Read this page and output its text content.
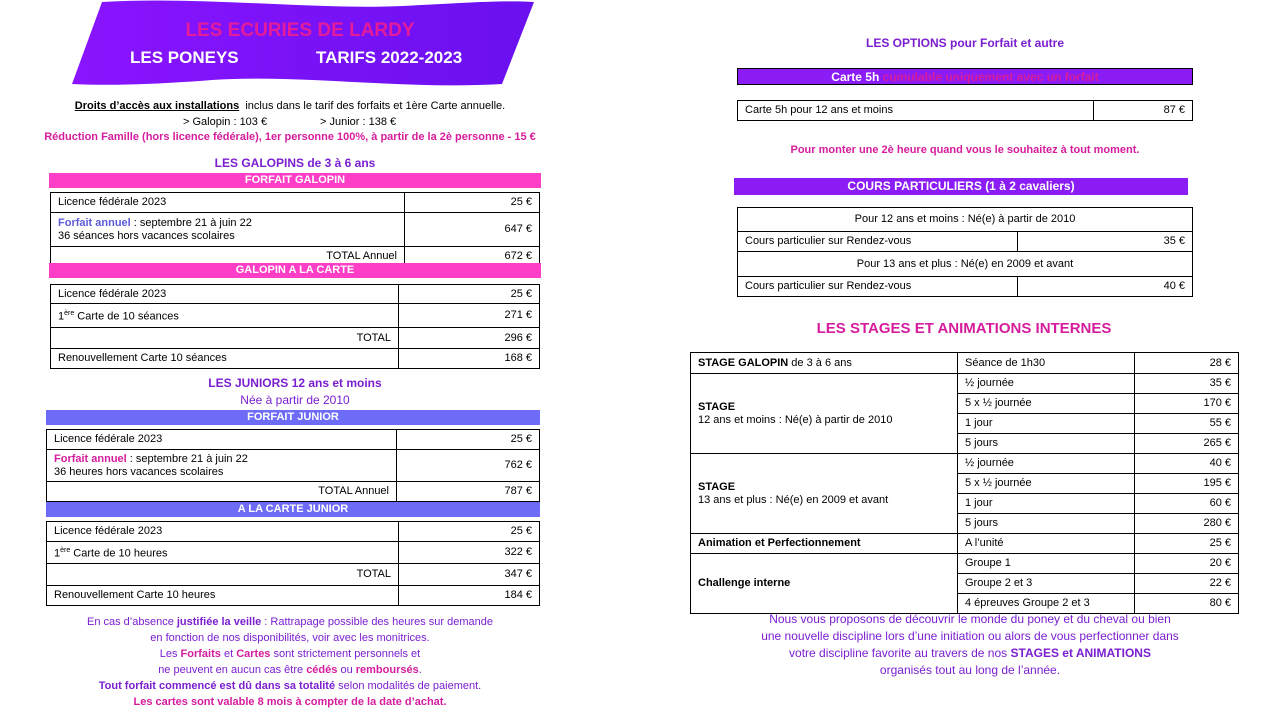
LES ECURIES DE LARDY
LES PONEYS	TARIFS 2022-2023
Droits d’accès aux installations inclus dans le tarif des forfaits et 1ère Carte annuelle.
> Galopin : 103 €	> Junior : 138 €
Réduction Famille (hors licence fédérale), 1er personne 100%, à partir de la 2è personne - 15 €
LES GALOPINS de 3 à 6 ans
FORFAIT GALOPIN
Licence fédérale 2023	25 €
Forfait annuel : septembre 21 à juin 22
36 séances hors vacances scolaires	647 €
TOTAL Annuel	672 €
GALOPIN A LA CARTE
Licence fédérale 2023	25 €
1ère Carte de 10 séances	271 €
TOTAL	296 €
Renouvellement Carte 10 séances	168 €
LES JUNIORS 12 ans et moins
Née à partir de 2010
FORFAIT JUNIOR
Licence fédérale 2023	25 €
Forfait annuel : septembre 21 à juin 22
36 heures hors vacances scolaires	762 €
TOTAL Annuel	787 €
A LA CARTE JUNIOR
Licence fédérale 2023	25 €
1ère Carte de 10 heures	322 €
TOTAL	347 €
Renouvellement Carte 10 heures	184 €
En cas d’absence justifiée la veille : Rattrapage possible des heures sur demande
en fonction de nos disponibilités, voir avec les monitrices.
Les Forfaits et Cartes sont strictement personnels et
ne peuvent en aucun cas être cédés ou remboursés.
Tout forfait commencé est dû dans sa totalité selon modalités de paiement.
Les cartes sont valable 8 mois à compter de la date d’achat.
LES OPTIONS pour Forfait et autre
Carte 5h cumulable uniquement avec un forfait
Carte 5h pour 12 ans et moins	87 €
Pour monter une 2è heure quand vous le souhaitez à tout moment.
COURS PARTICULIERS (1 à 2 cavaliers)
Pour 12 ans et moins : Né(e) à partir de 2010	
Cours particulier sur Rendez-vous	35 €
Pour 13 ans et plus : Né(e) en 2009 et avant	
Cours particulier sur Rendez-vous	40 €
LES STAGES ET ANIMATIONS INTERNES
STAGE GALOPIN de 3 à 6 ans	Séance de 1h30	28 €
STAGE
12 ans et moins : Né(e) à partir de 2010	½ journée	35 €
	5 x ½ journée	170 €
	1 jour	55 €
	5 jours	265 €
STAGE
13 ans et plus : Né(e) en 2009 et avant	½ journée	40 €
	5 x ½ journée	195 €
	1 jour	60 €
	5 jours	280 €
Animation et Perfectionnement	A l’unité	25 €
Challenge interne	Groupe 1	20 €
	Groupe 2 et 3	22 €
	4 épreuves Groupe 2 et 3	80 €
Nous vous proposons de découvrir le monde du poney et du cheval ou bien
une nouvelle discipline lors d’une initiation ou alors de vous perfectionner dans
votre discipline favorite au travers de nos STAGES et ANIMATIONS
organisés tout au long de l’année.
